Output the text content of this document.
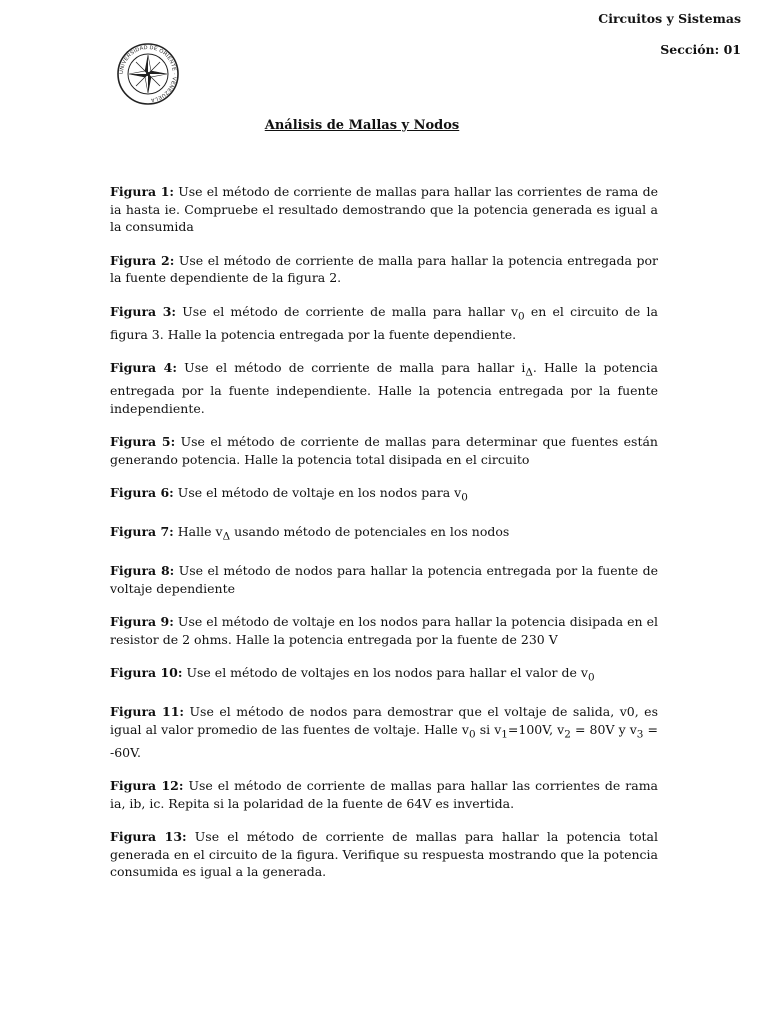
UNIVERSIDAD DE ORIENTE · VENEZUELA
Circuitos y Sistemas
Sección: 01
Análisis de Mallas y Nodos

Figura 1: Use el método de corriente de mallas para hallar las corrientes de rama de ia hasta ie. Compruebe el resultado demostrando que la potencia generada es igual a la consumida

Figura 2: Use el método de corriente de malla para hallar la potencia entregada por la fuente dependiente de la figura 2.

Figura 3: Use el método de corriente de malla para hallar $v_0$ en el circuito de la figura 3. Halle la potencia entregada por la fuente dependiente.

Figura 4: Use el método de corriente de malla para hallar $i_\Delta$. Halle la potencia entregada por la fuente independiente. Halle la potencia entregada por la fuente independiente.

Figura 5: Use el método de corriente de mallas para determinar que fuentes están generando potencia. Halle la potencia total disipada en el circuito

Figura 6: Use el método de voltaje en los nodos para $v_0$

Figura 7: Halle $v_\Delta$ usando método de potenciales en los nodos

Figura 8: Use el método de nodos para hallar la potencia entregada por la fuente de voltaje dependiente

Figura 9: Use el método de voltaje en los nodos para hallar la potencia disipada en el resistor de 2 ohms. Halle la potencia entregada por la fuente de 230 V

Figura 10: Use el método de voltajes en los nodos para hallar el valor de $v_0$

Figura 11: Use el método de nodos para demostrar que el voltaje de salida, v0, es igual al valor promedio de las fuentes de voltaje. Halle $v_0$ si $v_1=100V$, $v_2 = 80V$ y $v_3 = -60V$.

Figura 12: Use el método de corriente de mallas para hallar las corrientes de rama ia, ib, ic. Repita si la polaridad de la fuente de 64V es invertida.

Figura 13: Use el método de corriente de mallas para hallar la potencia total generada en el circuito de la figura. Verifique su respuesta mostrando que la potencia consumida es igual a la generada.
